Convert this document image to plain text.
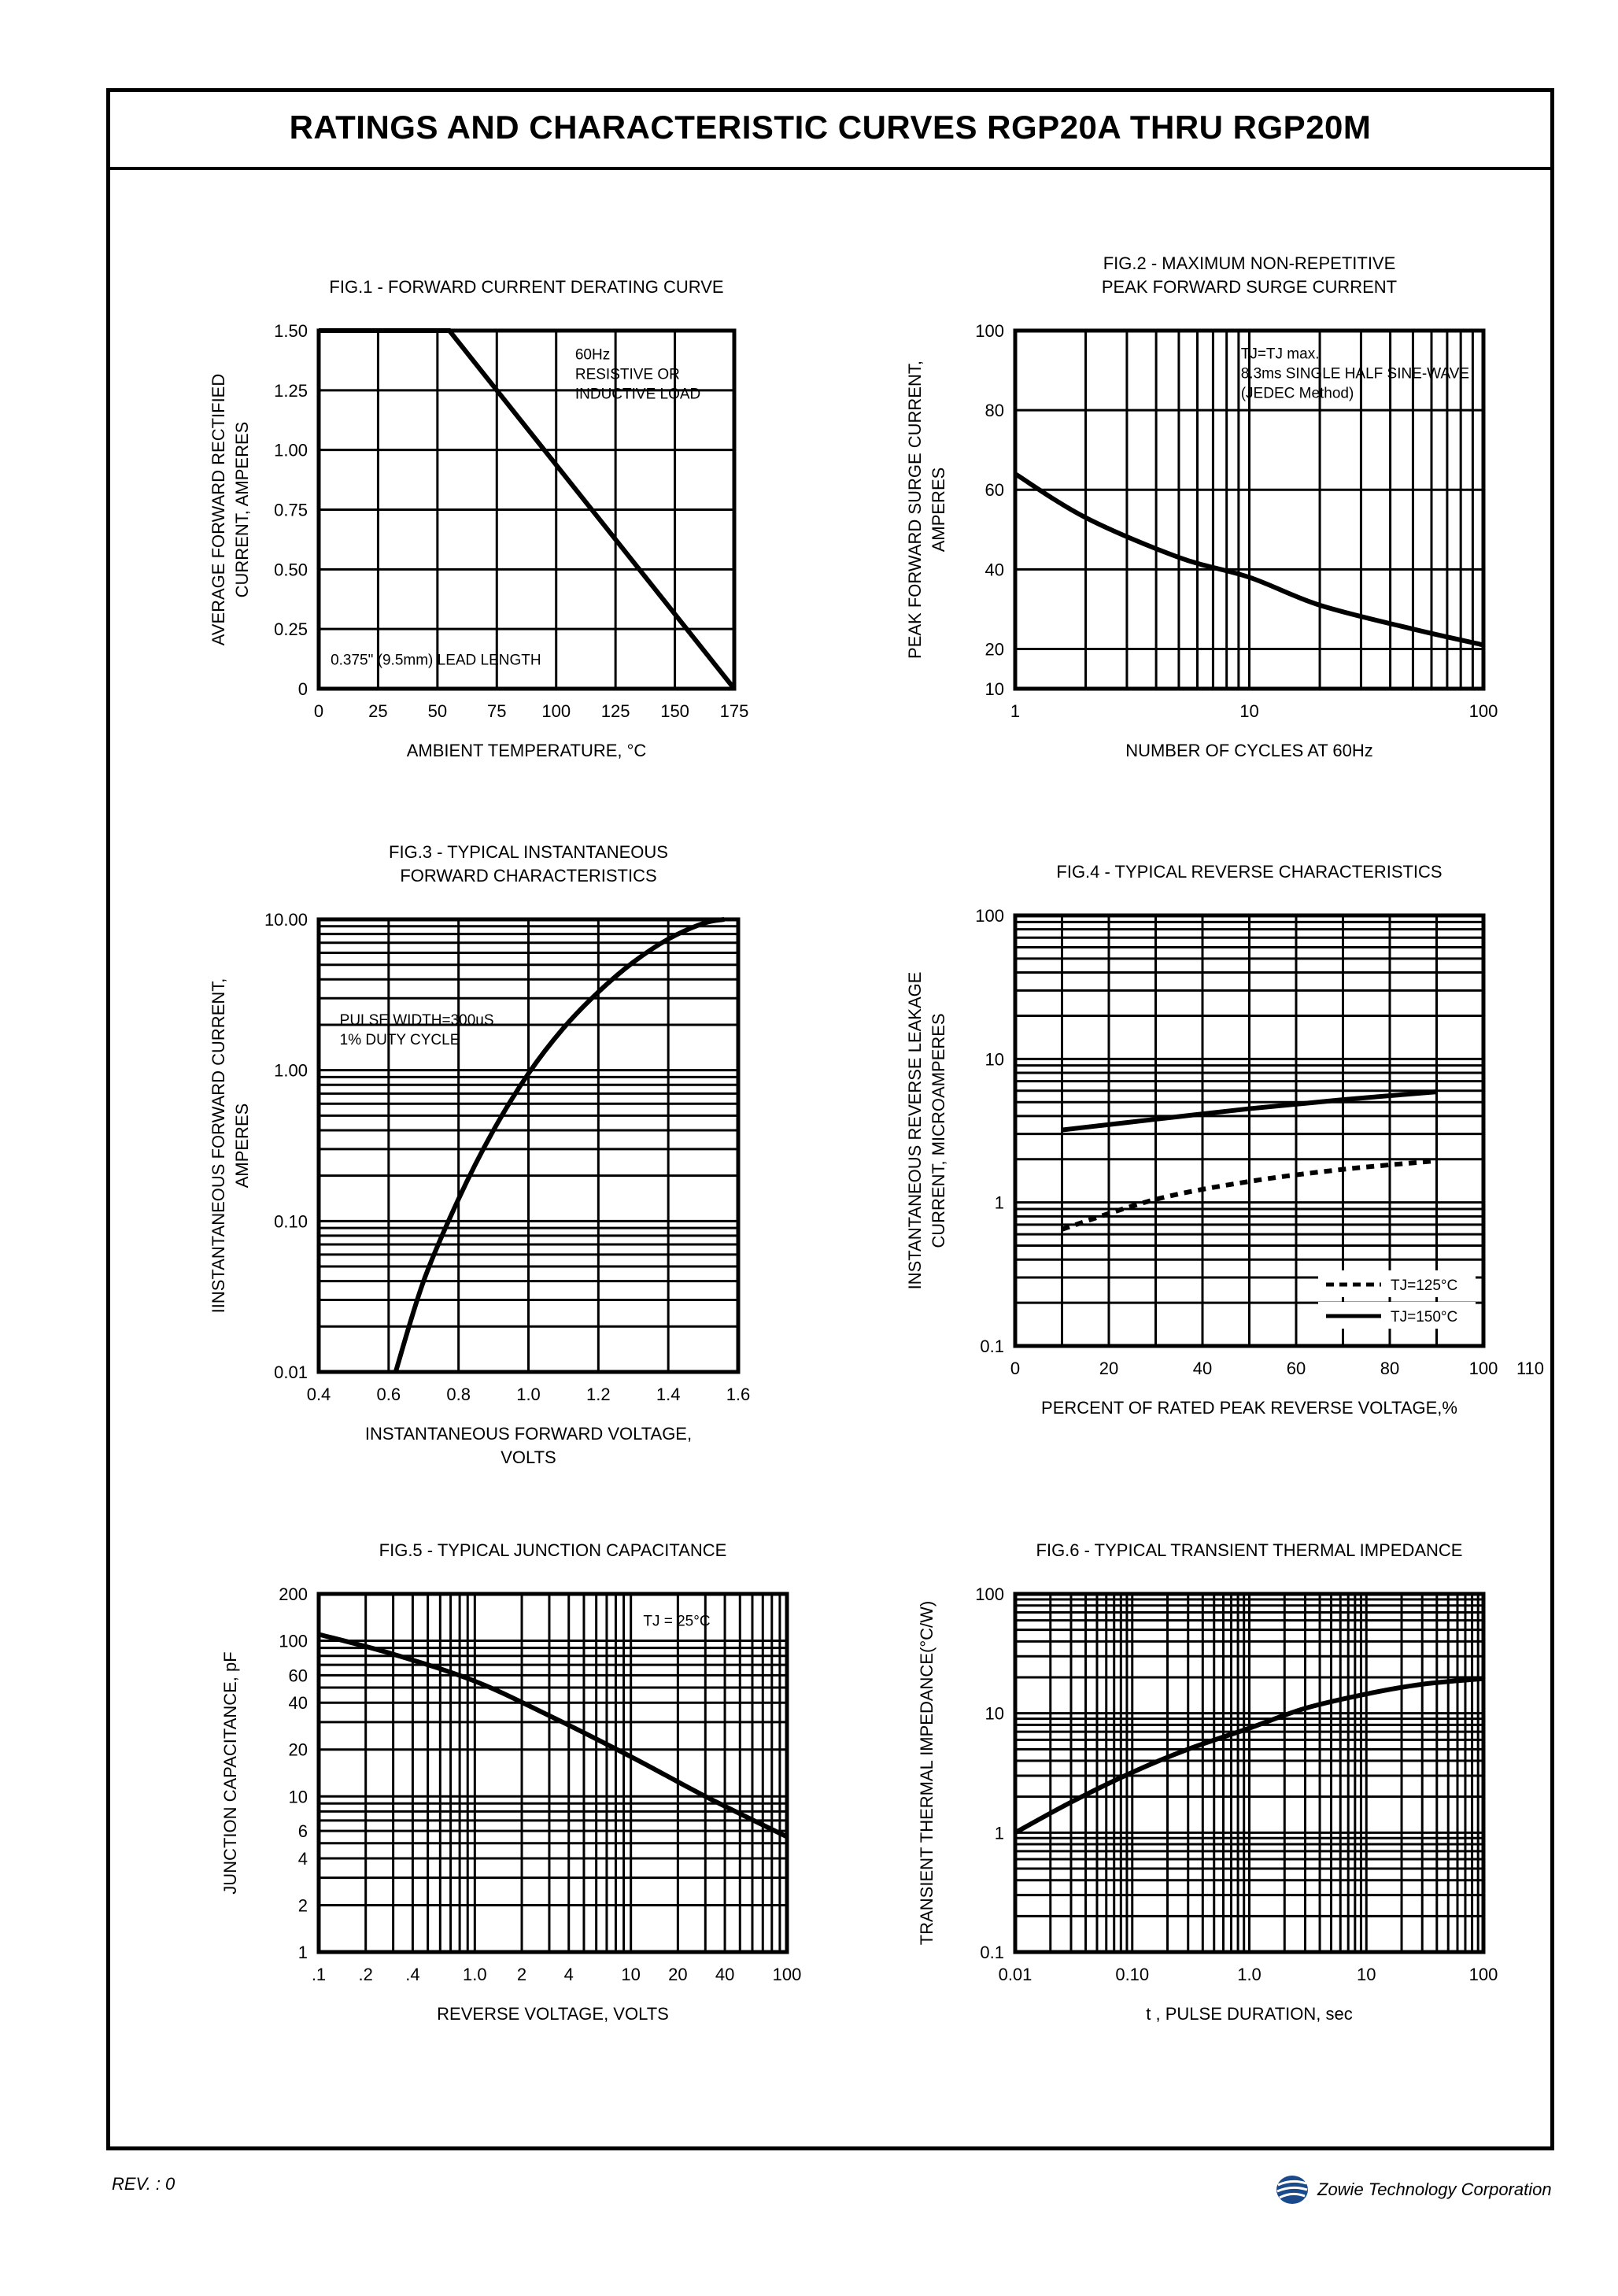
RATINGS AND CHARACTERISTIC CURVES RGP20A THRU RGP20M
0	25 50 75 100 125 150 175
0
0.25
0.50
0.75
1.00
1.25
1.50
FIG.1 - FORWARD CURRENT DERATING CURVE
AMBIENT TEMPERATURE, °C
AVERAGE FORWARD RECTIFIED CURRENT, AMPERES
60Hz
RESISTIVE OR
INDUCTIVE LOAD
0.375" (9.5mm) LEAD LENGTH
1	10	100
10
20
40
60
80
100
FIG.2 - MAXIMUM NON-REPETITIVE
PEAK FORWARD SURGE CURRENT
NUMBER OF CYCLES AT 60Hz
PEAK FORWARD SURGE CURRENT, AMPERES
TJ=TJ max.
8.3ms SINGLE HALF SINE-WAVE
(JEDEC Method)
0.4	0.6	0.8	1.0	1.2	1.4	1.6
0.01
0.10
1.00
10.00
FIG.3 - TYPICAL INSTANTANEOUS
FORWARD CHARACTERISTICS
INSTANTANEOUS FORWARD VOLTAGE,
VOLTS
IINSTANTANEOUS FORWARD CURRENT, AMPERES
PULSE WIDTH=300uS
1% DUTY CYCLE
0	20	40	60	80	100 110
0.1
1
10
100
FIG.4 - TYPICAL REVERSE CHARACTERISTICS
PERCENT OF RATED PEAK REVERSE VOLTAGE,%
INSTANTANEOUS REVERSE LEAKAGE CURRENT, MICROAMPERES
TJ=125°C
TJ=150°C
.1 .2 .4 1.0 2 4	10 20 40 100
1
2
4
6
10
20
40
60
100
200
FIG.5 - TYPICAL JUNCTION CAPACITANCE
REVERSE VOLTAGE, VOLTS
JUNCTION CAPACITANCE, pF
TJ = 25°C
0.01	0.10	1.0	10	100
0.1
1
10
100
FIG.6 - TYPICAL TRANSIENT THERMAL IMPEDANCE
t , PULSE DURATION, sec
TRANSIENT THERMAL IMPEDANCE(°C/W)
REV. : 0	Zowie Technology Corporation
